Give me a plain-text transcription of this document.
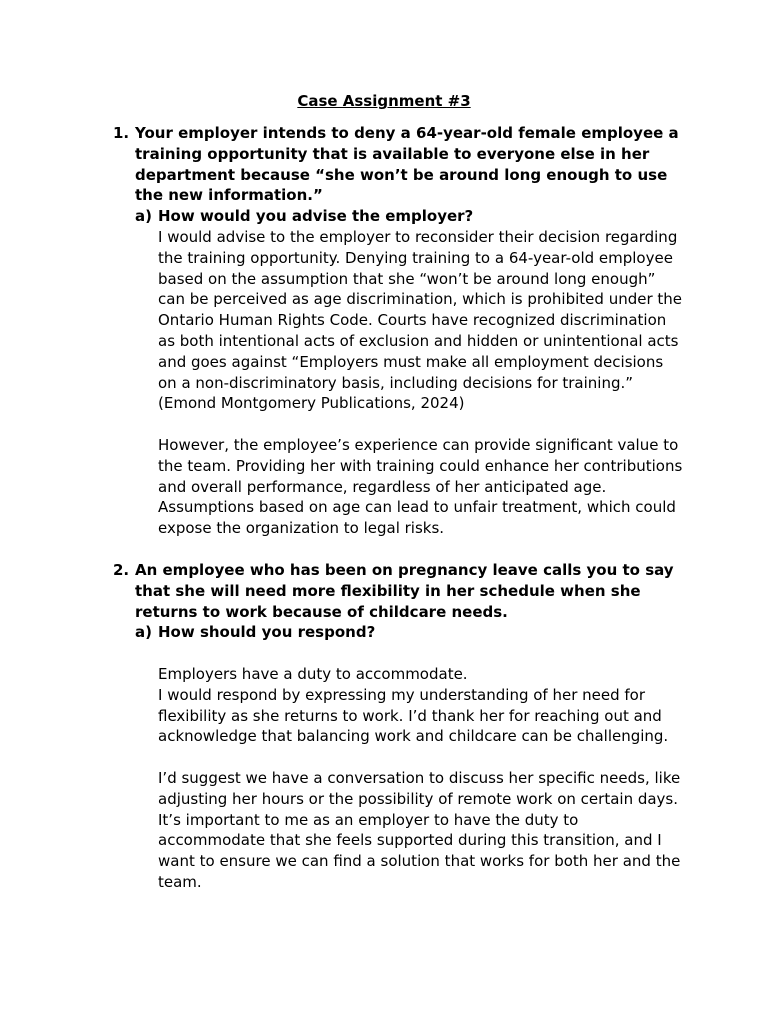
Case Assignment #3
1. Your employer intends to deny a 64-year-old female employee a training opportunity that is available to everyone else in her department because “she won’t be around long enough to use the new information.”
a) How would you advise the employer?

I would advise to the employer to reconsider their decision regarding the training opportunity. Denying training to a 64-year-old employee based on the assumption that she “won’t be around long enough” can be perceived as age discrimination, which is prohibited under the Ontario Human Rights Code. Courts have recognized discrimination as both intentional acts of exclusion and hidden or unintentional acts and goes against “Employers must make all employment decisions on a non-discriminatory basis, including decisions for training.” (Emond Montgomery Publications, 2024)

However, the employee’s experience can provide significant value to the team. Providing her with training could enhance her contributions and overall performance, regardless of her anticipated age. Assumptions based on age can lead to unfair treatment, which could expose the organization to legal risks.

2. An employee who has been on pregnancy leave calls you to say that she will need more flexibility in her schedule when she returns to work because of childcare needs.
a) How should you respond?

Employers have a duty to accommodate.

I would respond by expressing my understanding of her need for flexibility as she returns to work. I’d thank her for reaching out and acknowledge that balancing work and childcare can be challenging.

I’d suggest we have a conversation to discuss her specific needs, like adjusting her hours or the possibility of remote work on certain days. It’s important to me as an employer to have the duty to accommodate that she feels supported during this transition, and I want to ensure we can find a solution that works for both her and the team.
